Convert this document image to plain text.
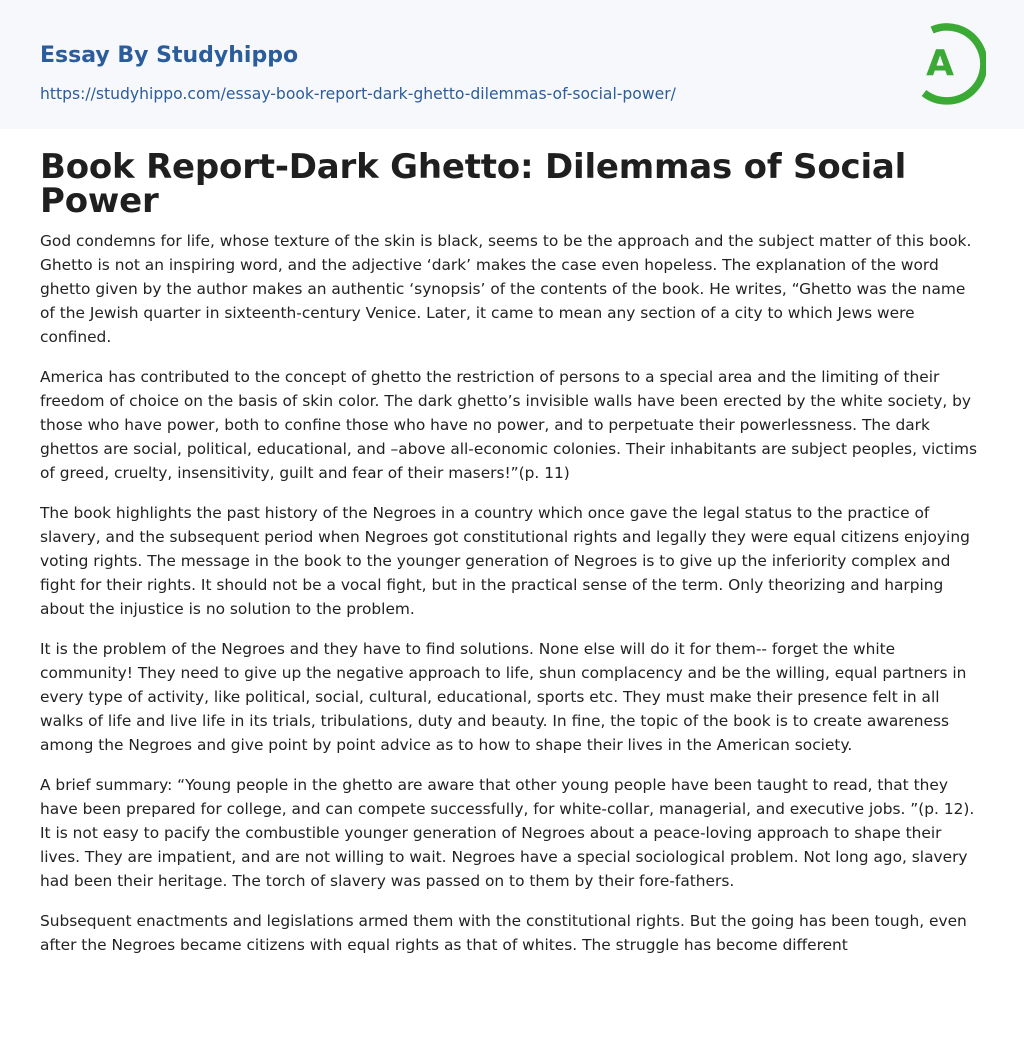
Essay By Studyhippo
https://studyhippo.com/essay-book-report-dark-ghetto-dilemmas-of-social-power/
A
Book Report-Dark Ghetto: Dilemmas of Social Power

God condemns for life, whose texture of the skin is black, seems to be the approach and the subject matter of this book. Ghetto is not an inspiring word, and the adjective ‘dark’ makes the case even hopeless. The explanation of the word ghetto given by the author makes an authentic ‘synopsis’ of the contents of the book. He writes, “Ghetto was the name of the Jewish quarter in sixteenth-century Venice. Later, it came to mean any section of a city to which Jews were confined.

America has contributed to the concept of ghetto the restriction of persons to a special area and the limiting of their freedom of choice on the basis of skin color. The dark ghetto’s invisible walls have been erected by the white society, by those who have power, both to confine those who have no power, and to perpetuate their powerlessness. The dark ghettos are social, political, educational, and –above all-economic colonies. Their inhabitants are subject peoples, victims of greed, cruelty, insensitivity, guilt and fear of their masers!”(p. 11)

The book highlights the past history of the Negroes in a country which once gave the legal status to the practice of slavery, and the subsequent period when Negroes got constitutional rights and legally they were equal citizens enjoying voting rights. The message in the book to the younger generation of Negroes is to give up the inferiority complex and fight for their rights. It should not be a vocal fight, but in the practical sense of the term. Only theorizing and harping about the injustice is no solution to the problem.

It is the problem of the Negroes and they have to find solutions. None else will do it for them-- forget the white community! They need to give up the negative approach to life, shun complacency and be the willing, equal partners in every type of activity, like political, social, cultural, educational, sports etc. They must make their presence felt in all walks of life and live life in its trials, tribulations, duty and beauty. In fine, the topic of the book is to create awareness among the Negroes and give point by point advice as to how to shape their lives in the American society.

A brief summary: “Young people in the ghetto are aware that other young people have been taught to read, that they have been prepared for college, and can compete successfully, for white-collar, managerial, and executive jobs. ”(p. 12). It is not easy to pacify the combustible younger generation of Negroes about a peace-loving approach to shape their lives. They are impatient, and are not willing to wait. Negroes have a special sociological problem. Not long ago, slavery had been their heritage. The torch of slavery was passed on to them by their fore-fathers.

Subsequent enactments and legislations armed them with the constitutional rights. But the going has been tough, even after the Negroes became citizens with equal rights as that of whites. The struggle has become different
